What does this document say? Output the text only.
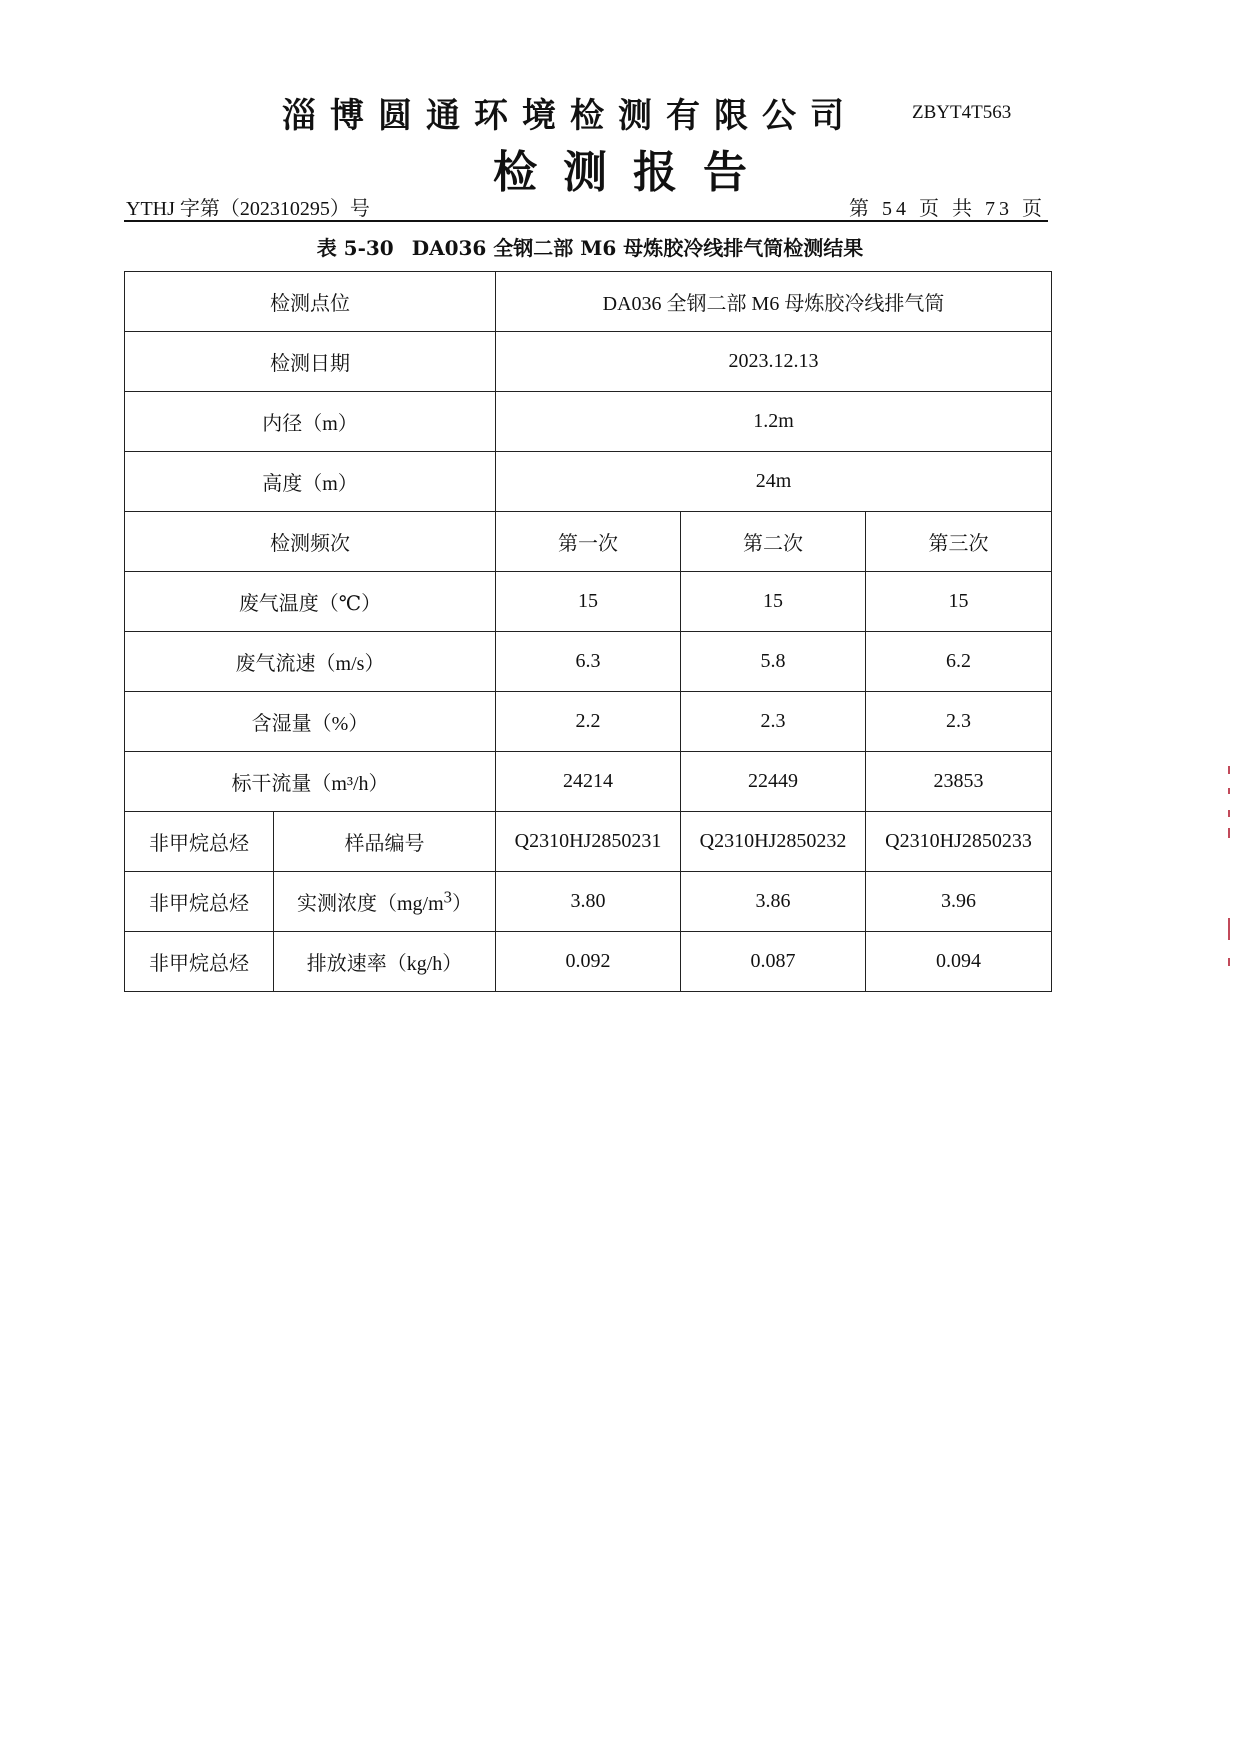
淄博圆通环境检测有限公司	ZBYT4T563
检测报告
YTHJ 字第（202310295）号	第 54 页 共 73 页
表 5-30 DA036 全钢二部 M6 母炼胶冷线排气筒检测结果
检测点位		DA036 全钢二部 M6 母炼胶冷线排气筒		
检测日期		2023.12.13		
内径（m）		1.2m		
高度（m）		24m		
检测频次		第一次	第二次	第三次
废气温度（℃）		15	15	15
废气流速（m/s）		6.3	5.8	6.2
含湿量（%）		2.2	2.3	2.3
标干流量（m³/h）		24214	22449	23853
非甲烷总烃	样品编号	Q2310HJ2850231	Q2310HJ2850232	Q2310HJ2850233
非甲烷总烃	实测浓度$(mg/m^3)$	3.80	3.86	3.96
非甲烷总烃	排放速率（kg/h）	0.092	0.087	0.094
